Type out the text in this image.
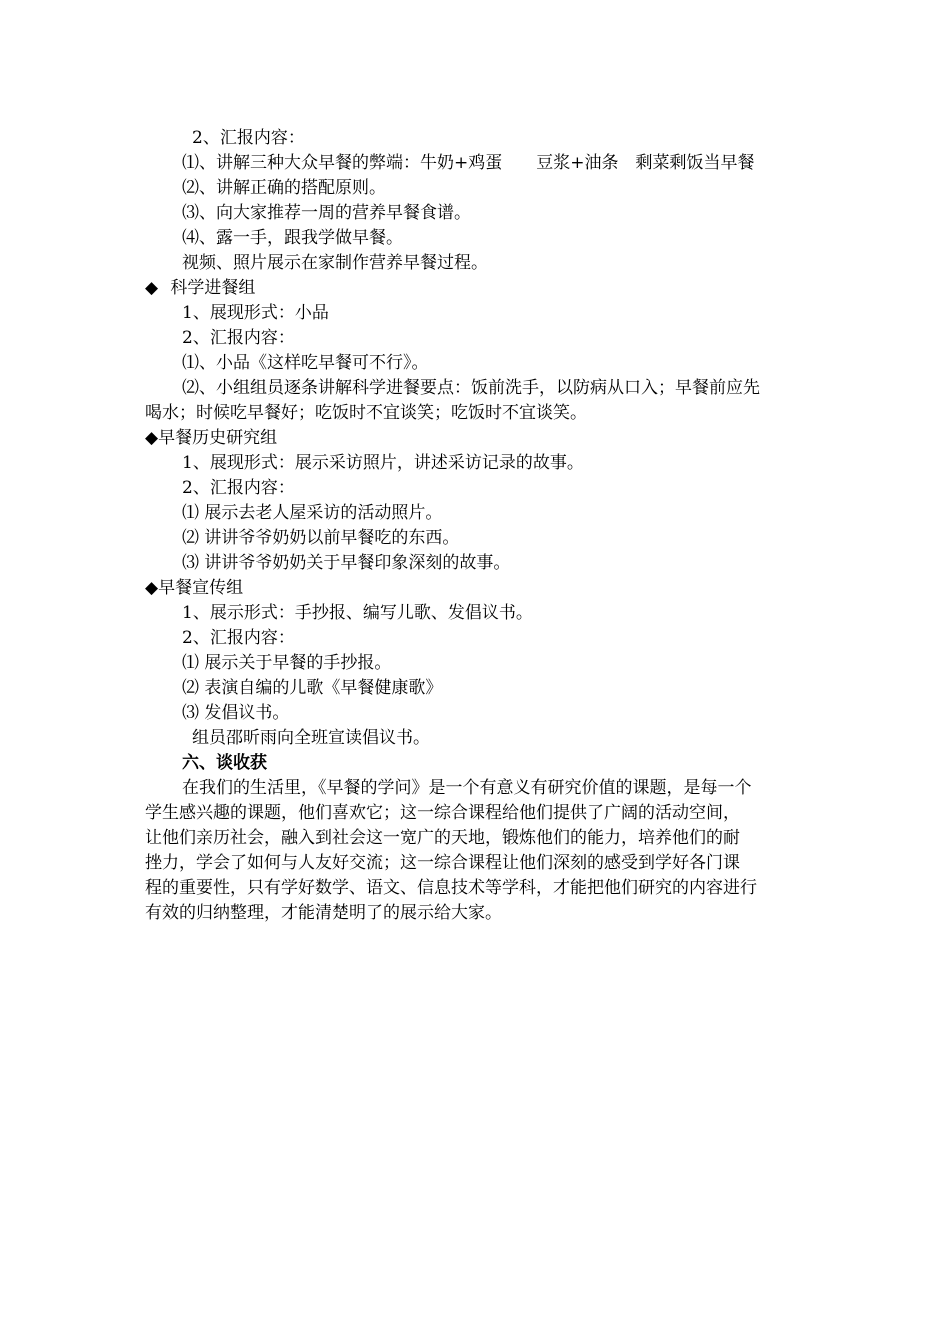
2、汇报内容：
⑴、讲解三种大众早餐的弊端：牛奶+鸡蛋　　豆浆+油条　剩菜剩饭当早餐
⑵、讲解正确的搭配原则。
⑶、向大家推荐一周的营养早餐食谱。
⑷、露一手，跟我学做早餐。
视频、照片展示在家制作营养早餐过程。
◆ 科学进餐组
1、展现形式：小品
2、汇报内容：
⑴、小品《这样吃早餐可不行》。
⑵、小组组员逐条讲解科学进餐要点：饭前洗手，以防病从口入；早餐前应先
喝水；时候吃早餐好；吃饭时不宜谈笑；吃饭时不宜谈笑。
◆早餐历史研究组
1、展现形式：展示采访照片，讲述采访记录的故事。
2、汇报内容：
⑴ 展示去老人屋采访的活动照片。
⑵ 讲讲爷爷奶奶以前早餐吃的东西。
⑶ 讲讲爷爷奶奶关于早餐印象深刻的故事。
◆早餐宣传组
1、展示形式：手抄报、编写儿歌、发倡议书。
2、汇报内容：
⑴ 展示关于早餐的手抄报。
⑵ 表演自编的儿歌《早餐健康歌》
⑶ 发倡议书。
组员邵昕雨向全班宣读倡议书。
六、谈收获
在我们的生活里，《早餐的学问》是一个有意义有研究价值的课题，是每一个
学生感兴趣的课题，他们喜欢它；这一综合课程给他们提供了广阔的活动空间，
让他们亲历社会，融入到社会这一宽广的天地，锻炼他们的能力，培养他们的耐
挫力，学会了如何与人友好交流；这一综合课程让他们深刻的感受到学好各门课
程的重要性，只有学好数学、语文、信息技术等学科，才能把他们研究的内容进行
有效的归纳整理，才能清楚明了的展示给大家。
